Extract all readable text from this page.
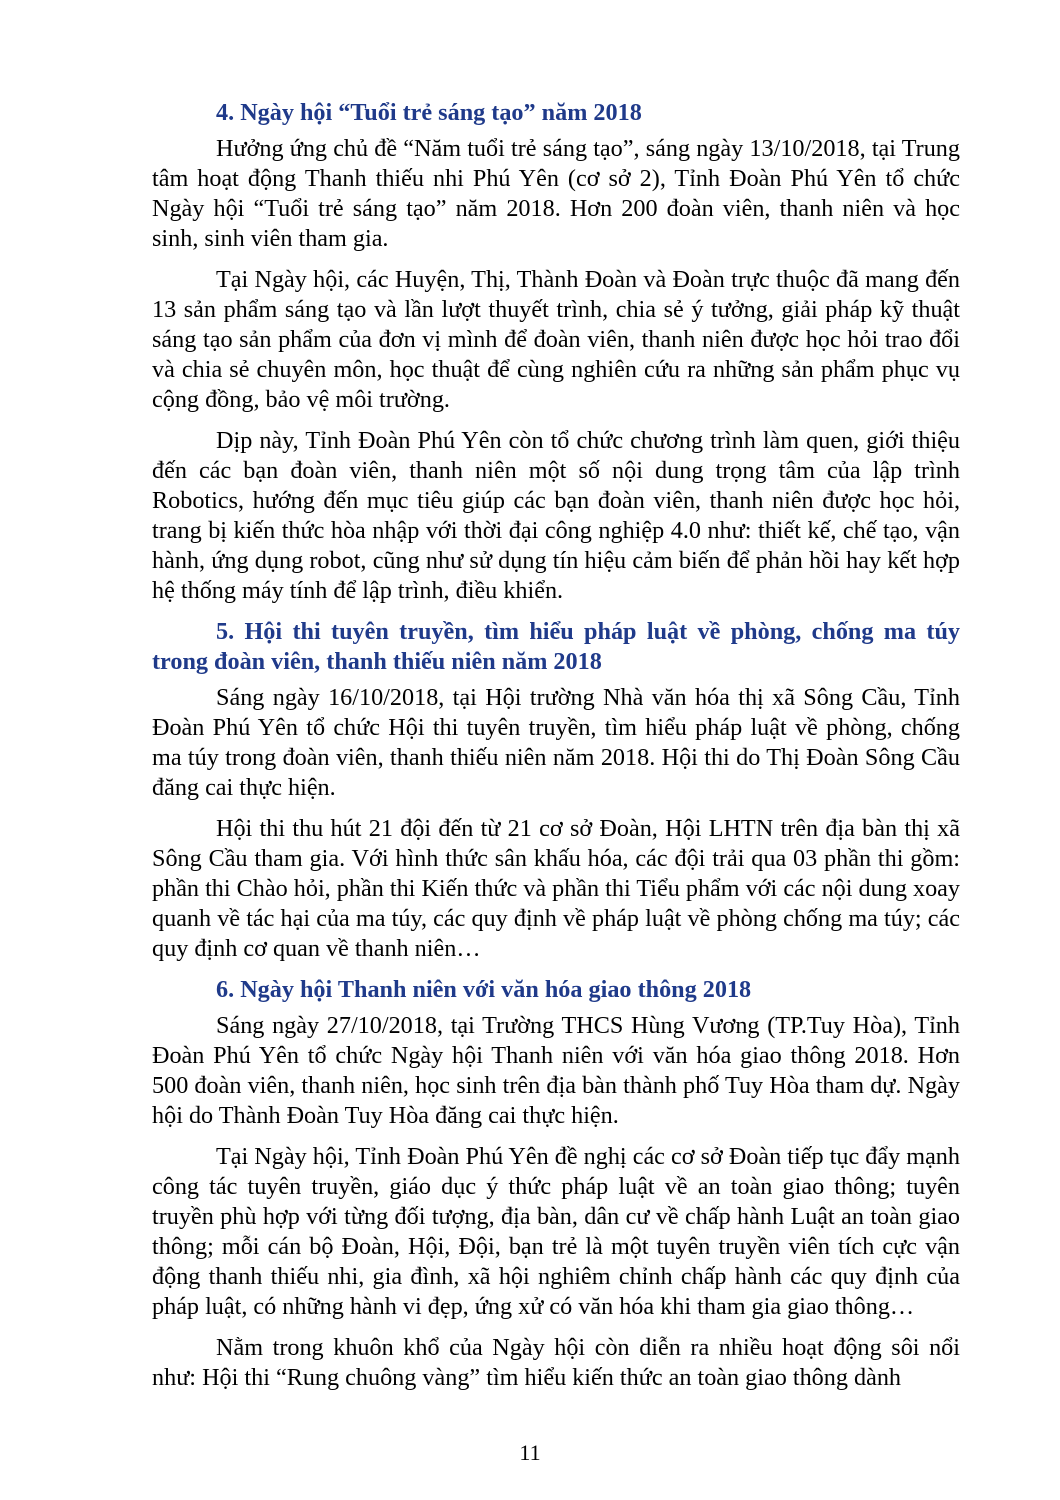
4. Ngày hội “Tuổi trẻ sáng tạo” năm 2018

Hưởng ứng chủ đề “Năm tuổi trẻ sáng tạo”, sáng ngày 13/10/2018, tại Trung tâm hoạt động Thanh thiếu nhi Phú Yên (cơ sở 2), Tỉnh Đoàn Phú Yên tổ chức Ngày hội “Tuổi trẻ sáng tạo” năm 2018. Hơn 200 đoàn viên, thanh niên và học sinh, sinh viên tham gia.

Tại Ngày hội, các Huyện, Thị, Thành Đoàn và Đoàn trực thuộc đã mang đến 13 sản phẩm sáng tạo và lần lượt thuyết trình, chia sẻ ý tưởng, giải pháp kỹ thuật sáng tạo sản phẩm của đơn vị mình để đoàn viên, thanh niên được học hỏi trao đổi và chia sẻ chuyên môn, học thuật để cùng nghiên cứu ra những sản phẩm phục vụ cộng đồng, bảo vệ môi trường.

Dịp này, Tỉnh Đoàn Phú Yên còn tổ chức chương trình làm quen, giới thiệu đến các bạn đoàn viên, thanh niên một số nội dung trọng tâm của lập trình Robotics, hướng đến mục tiêu giúp các bạn đoàn viên, thanh niên được học hỏi, trang bị kiến thức hòa nhập với thời đại công nghiệp 4.0 như: thiết kế, chế tạo, vận hành, ứng dụng robot, cũng như sử dụng tín hiệu cảm biến để phản hồi hay kết hợp hệ thống máy tính để lập trình, điều khiển.

5. Hội thi tuyên truyền, tìm hiểu pháp luật về phòng, chống ma túy trong đoàn viên, thanh thiếu niên năm 2018

Sáng ngày 16/10/2018, tại Hội trường Nhà văn hóa thị xã Sông Cầu, Tỉnh Đoàn Phú Yên tổ chức Hội thi tuyên truyền, tìm hiểu pháp luật về phòng, chống ma túy trong đoàn viên, thanh thiếu niên năm 2018. Hội thi do Thị Đoàn Sông Cầu đăng cai thực hiện.

Hội thi thu hút 21 đội đến từ 21 cơ sở Đoàn, Hội LHTN trên địa bàn thị xã Sông Cầu tham gia. Với hình thức sân khấu hóa, các đội trải qua 03 phần thi gồm: phần thi Chào hỏi, phần thi Kiến thức và phần thi Tiểu phẩm với các nội dung xoay quanh về tác hại của ma túy, các quy định về pháp luật về phòng chống ma túy; các quy định cơ quan về thanh niên…

6. Ngày hội Thanh niên với văn hóa giao thông 2018

Sáng ngày 27/10/2018, tại Trường THCS Hùng Vương (TP.Tuy Hòa), Tỉnh Đoàn Phú Yên tổ chức Ngày hội Thanh niên với văn hóa giao thông 2018. Hơn 500 đoàn viên, thanh niên, học sinh trên địa bàn thành phố Tuy Hòa tham dự. Ngày hội do Thành Đoàn Tuy Hòa đăng cai thực hiện.

Tại Ngày hội, Tỉnh Đoàn Phú Yên đề nghị các cơ sở Đoàn tiếp tục đẩy mạnh công tác tuyên truyền, giáo dục ý thức pháp luật về an toàn giao thông; tuyên truyền phù hợp với từng đối tượng, địa bàn, dân cư về chấp hành Luật an toàn giao thông; mỗi cán bộ Đoàn, Hội, Đội, bạn trẻ là một tuyên truyền viên tích cực vận động thanh thiếu nhi, gia đình, xã hội nghiêm chỉnh chấp hành các quy định của pháp luật, có những hành vi đẹp, ứng xử có văn hóa khi tham gia giao thông…

Nằm trong khuôn khổ của Ngày hội còn diễn ra nhiều hoạt động sôi nổi như: Hội thi “Rung chuông vàng” tìm hiểu kiến thức an toàn giao thông dành

11
